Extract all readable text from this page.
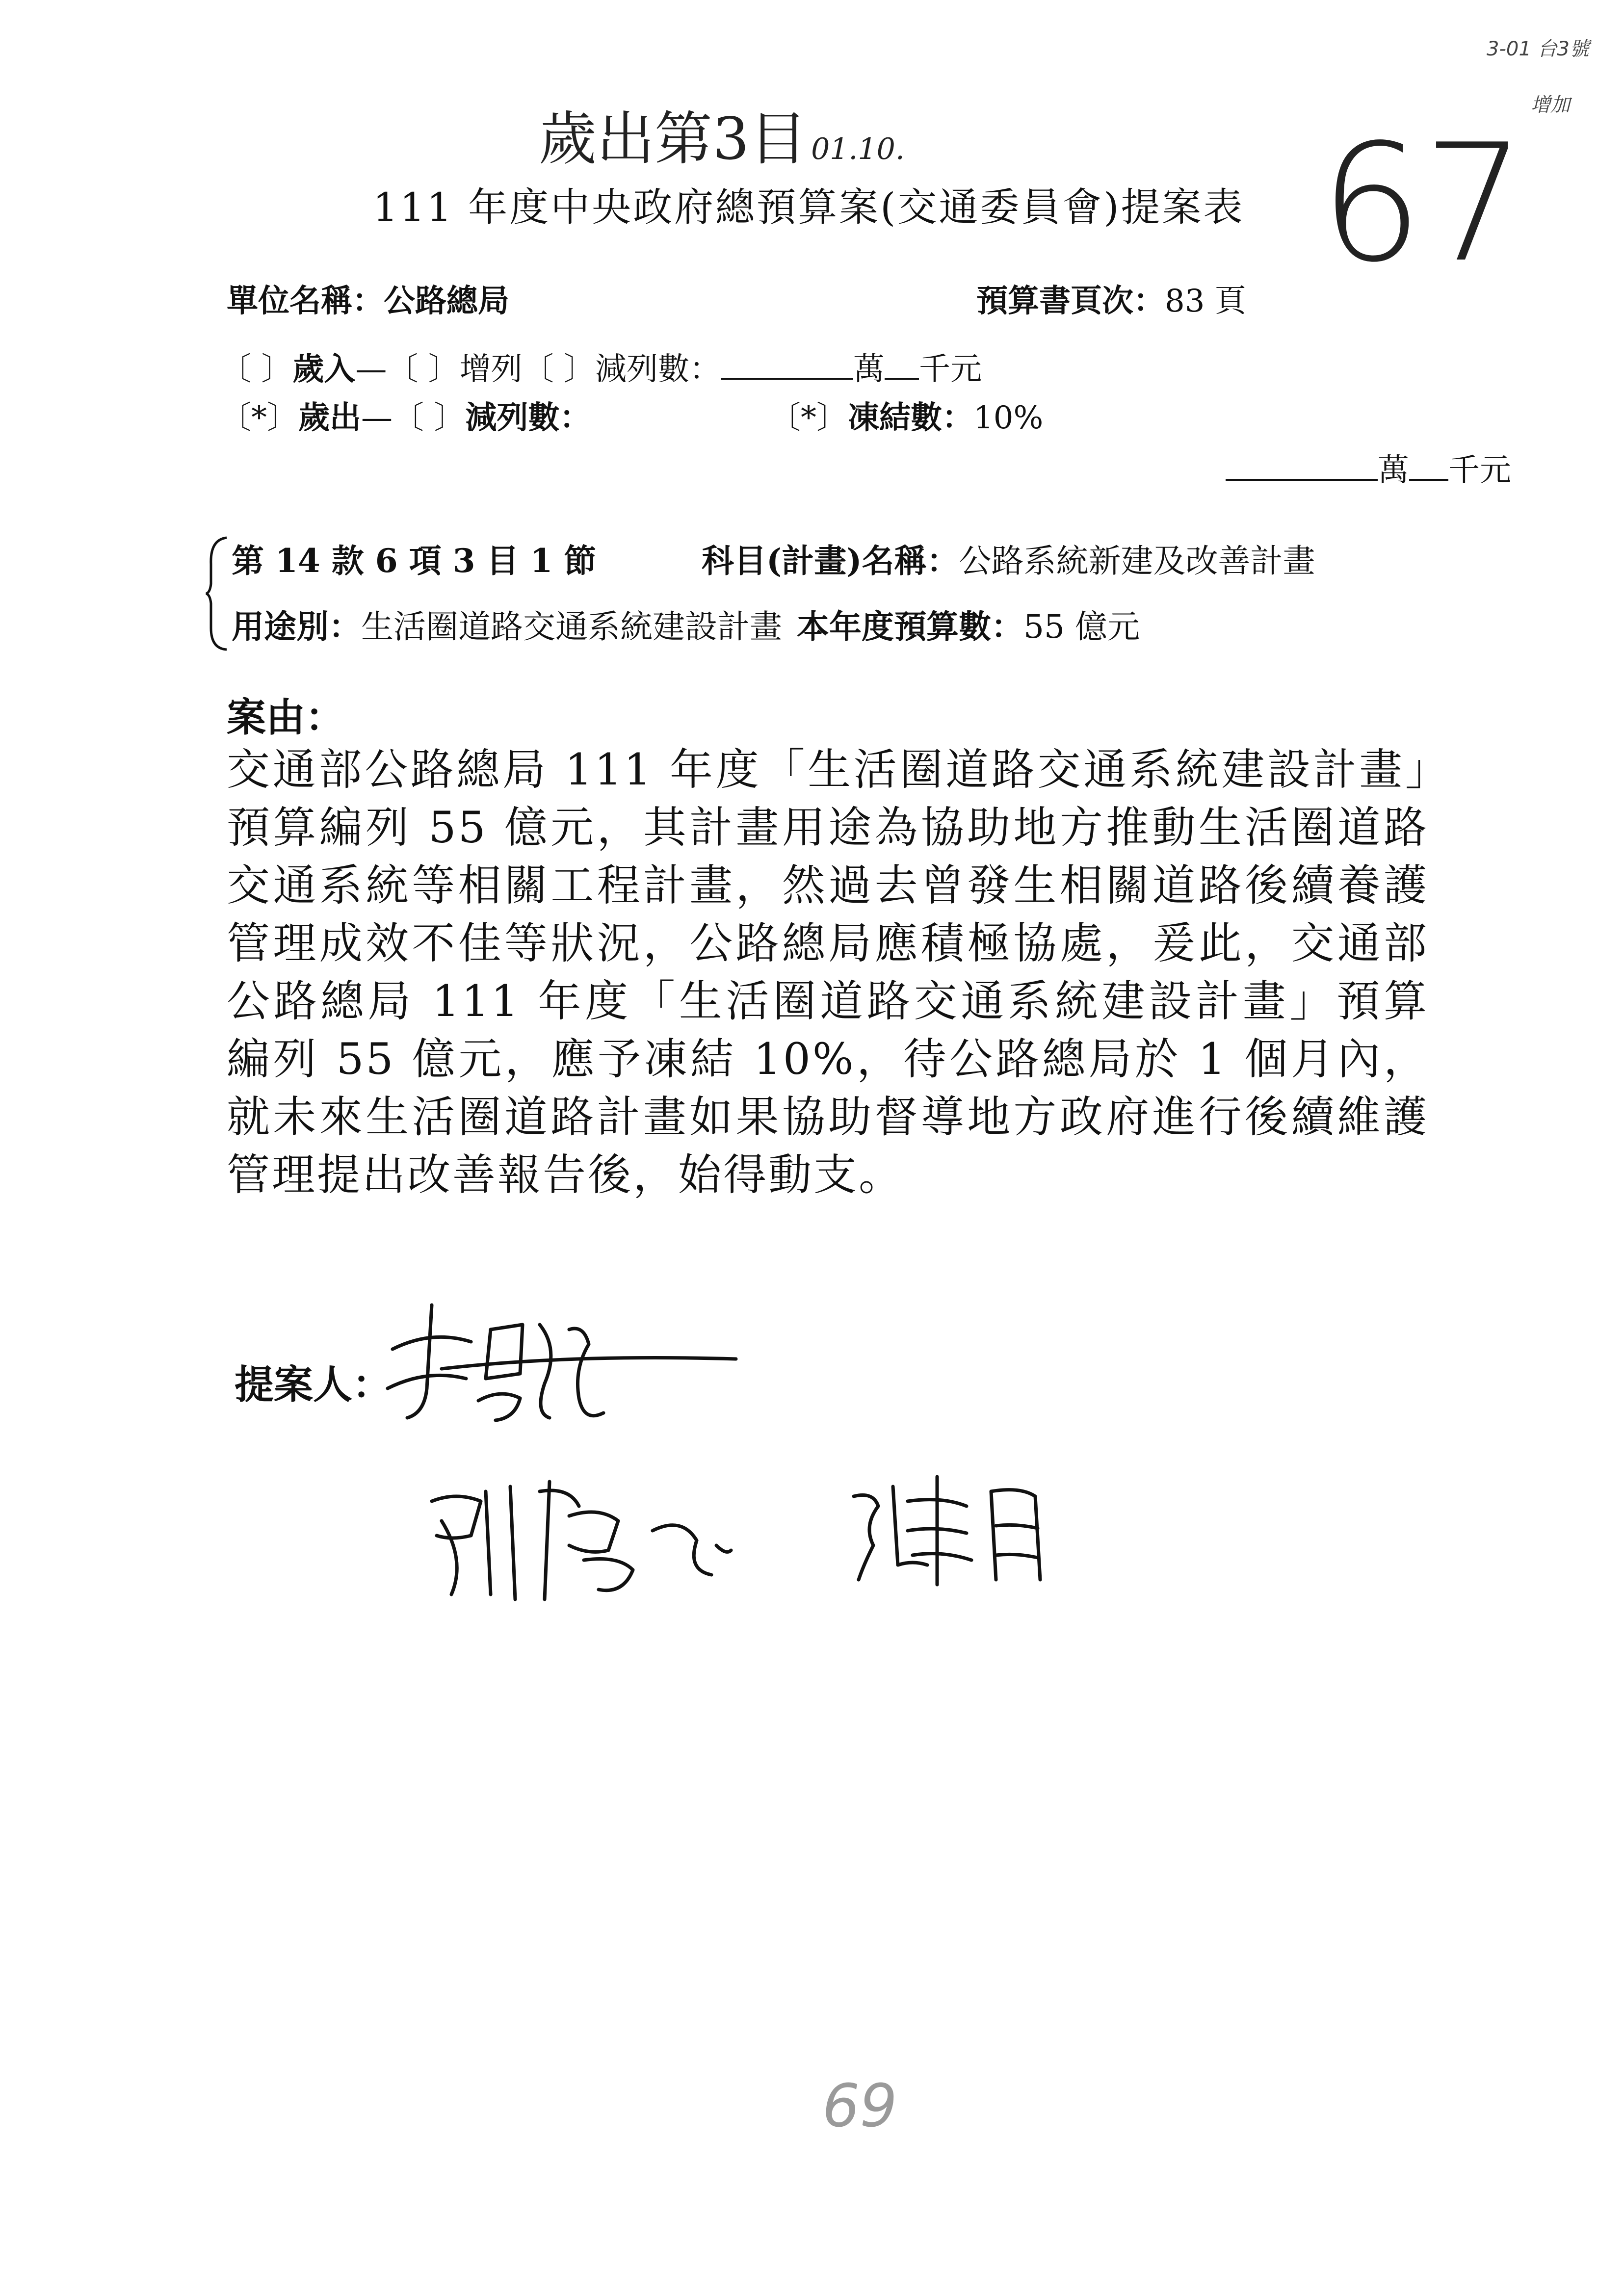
歲出第3目 01.10.
3-01 台3號
增加
67
111 年度中央政府總預算案(交通委員會)提案表
單位名稱：公路總局	預算書頁次：83 頁
〔 〕歲入—〔 〕增列〔 〕減列數：	萬 千元
〔*〕歲出—〔 〕減列數：	〔*〕凍結數：10%
萬 千元
第 14 款 6 項 3 目 1 節	科目(計畫)名稱：公路系統新建及改善計畫
用途別：生活圈道路交通系統建設計畫 本年度預算數：55 億元
案由：
交通部公路總局 111 年度「生活圈道路交通系統建設計畫」預算編列 55 億元，其計畫用途為協助地方推動生活圈道路交通系統等相關工程計畫，然過去曾發生相關道路後續養護管理成效不佳等狀況，公路總局應積極協處，爰此，交通部公路總局 111 年度「生活圈道路交通系統建設計畫」預算編列 55 億元，應予凍結 10%，待公路總局於 1 個月內，就未來生活圈道路計畫如果協助督導地方政府進行後續維護管理提出改善報告後，始得動支。
提案人：
69
